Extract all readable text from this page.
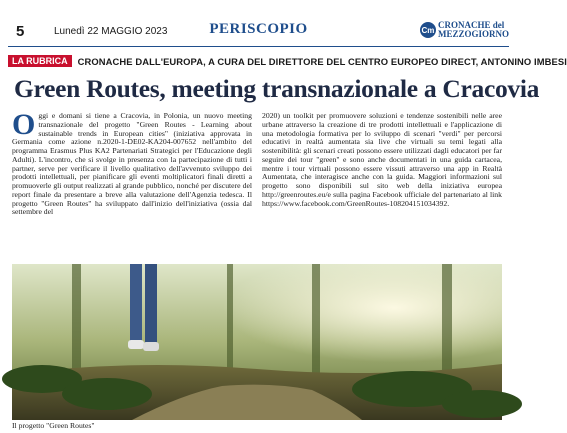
5	Lunedì 22 MAGGIO 2023	PERISCOPIO	Cm CRONACHE del
MEZZOGIORNO
LA RUBRICA	CRONACHE DALL'EUROPA, A CURA DEL DIRETTORE DEL CENTRO EUROPEO DIRECT, ANTONINO IMBESI
Green Routes, meeting transnazionale a Cracovia
O ggi e domani si tiene a Cracovia, in Polonia, un nuovo meeting transnazionale del progetto "Green Routes - Learning about sustainable trends in European cities" (iniziativa approvata in Germania come azione n.2020-1-DE02-KA204-007652 nell'ambito del programma Erasmus Plus KA2 Partenariati Strategici per l'Educazione degli Adulti). L'incontro, che si svolge in presenza con la partecipazione di tutti i partner, serve per verificare il livello qualitativo dell'avvenuto sviluppo dei prodotti intellettuali, per pianificare gli eventi moltiplicatori finali diretti a promuoverle gli output realizzati al grande pubblico, nonché per discutere del report finale da presentare a breve alla valutazione dell'Agenzia tedesca. Il progetto "Green Routes" ha sviluppato dall'inizio dell'iniziativa (ossia dal settembre del
2020) un toolkit per promuovere soluzioni e tendenze sostenibili nelle aree urbane attraverso la creazione di tre prodotti intellettuali e l'applicazione di una metodologia formativa per lo sviluppo di scenari "verdi" per percorsi educativi in realtà aumentata sia live che virtuali su temi legati alla sostenibilità: gli scenari creati possono essere utilizzati dagli educatori per far seguire dei tour "green" e sono anche documentati in una guida cartacea, mentre i tour virtuali possono essere vissuti attraverso una app in Realtà Aumentata, che interagisce anche con la guida. Maggiori informazioni sul progetto sono disponibili sul sito web della iniziativa europea http://greenroutes.eu/e sulla pagina Facebook ufficiale del partenariato al link https://www.facebook.com/GreenRoutes-108204151034392.
Il progetto "Green Routes"
